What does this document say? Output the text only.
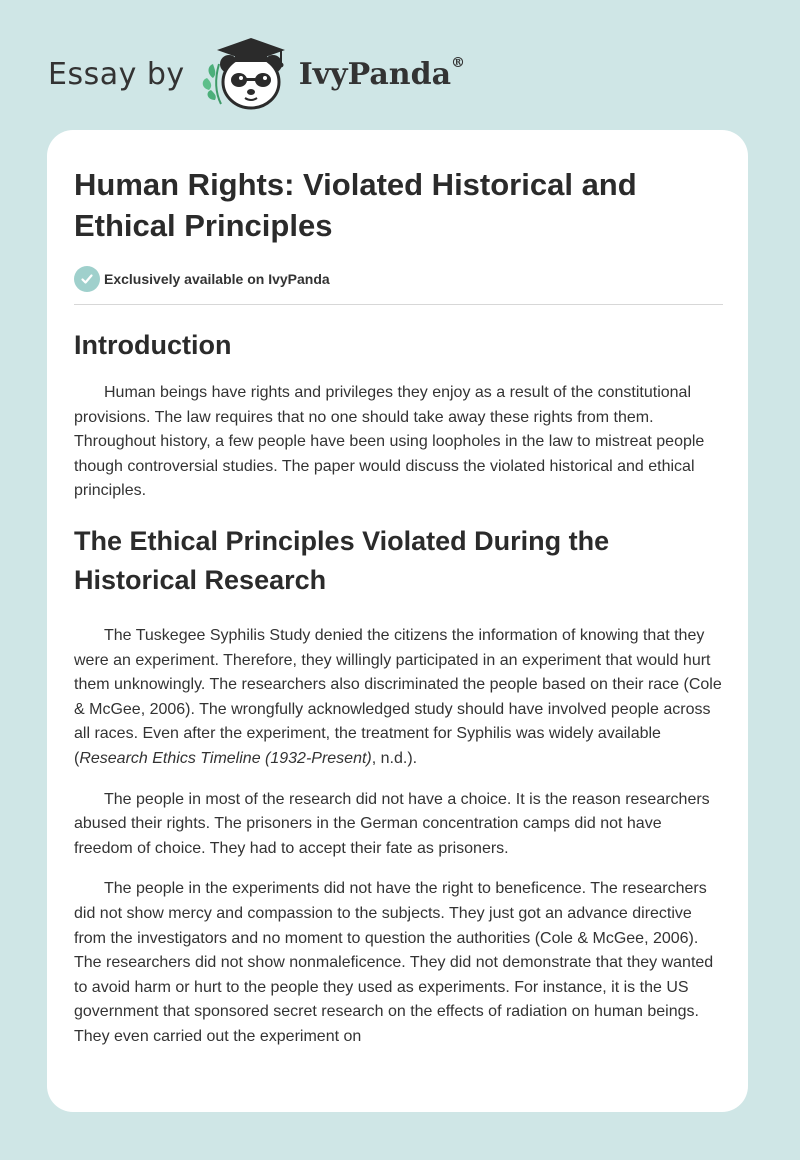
Essay by	IvyPanda®
Human Rights: Violated Historical and Ethical Principles
Exclusively available on IvyPanda
Introduction

Human beings have rights and privileges they enjoy as a result of the constitutional provisions. The law requires that no one should take away these rights from them. Throughout history, a few people have been using loopholes in the law to mistreat people though controversial studies. The paper would discuss the violated historical and ethical principles.

The Ethical Principles Violated During the Historical Research

The Tuskegee Syphilis Study denied the citizens the information of knowing that they were an experiment. Therefore, they willingly participated in an experiment that would hurt them unknowingly. The researchers also discriminated the people based on their race (Cole & McGee, 2006). The wrongfully acknowledged study should have involved people across all races. Even after the experiment, the treatment for Syphilis was widely available (Research Ethics Timeline (1932-Present), n.d.).

The people in most of the research did not have a choice. It is the reason researchers abused their rights. The prisoners in the German concentration camps did not have freedom of choice. They had to accept their fate as prisoners.

The people in the experiments did not have the right to beneficence. The researchers did not show mercy and compassion to the subjects. They just got an advance directive from the investigators and no moment to question the authorities (Cole & McGee, 2006). The researchers did not show nonmaleficence. They did not demonstrate that they wanted to avoid harm or hurt to the people they used as experiments. For instance, it is the US government that sponsored secret research on the effects of radiation on human beings. They even carried out the experiment on
